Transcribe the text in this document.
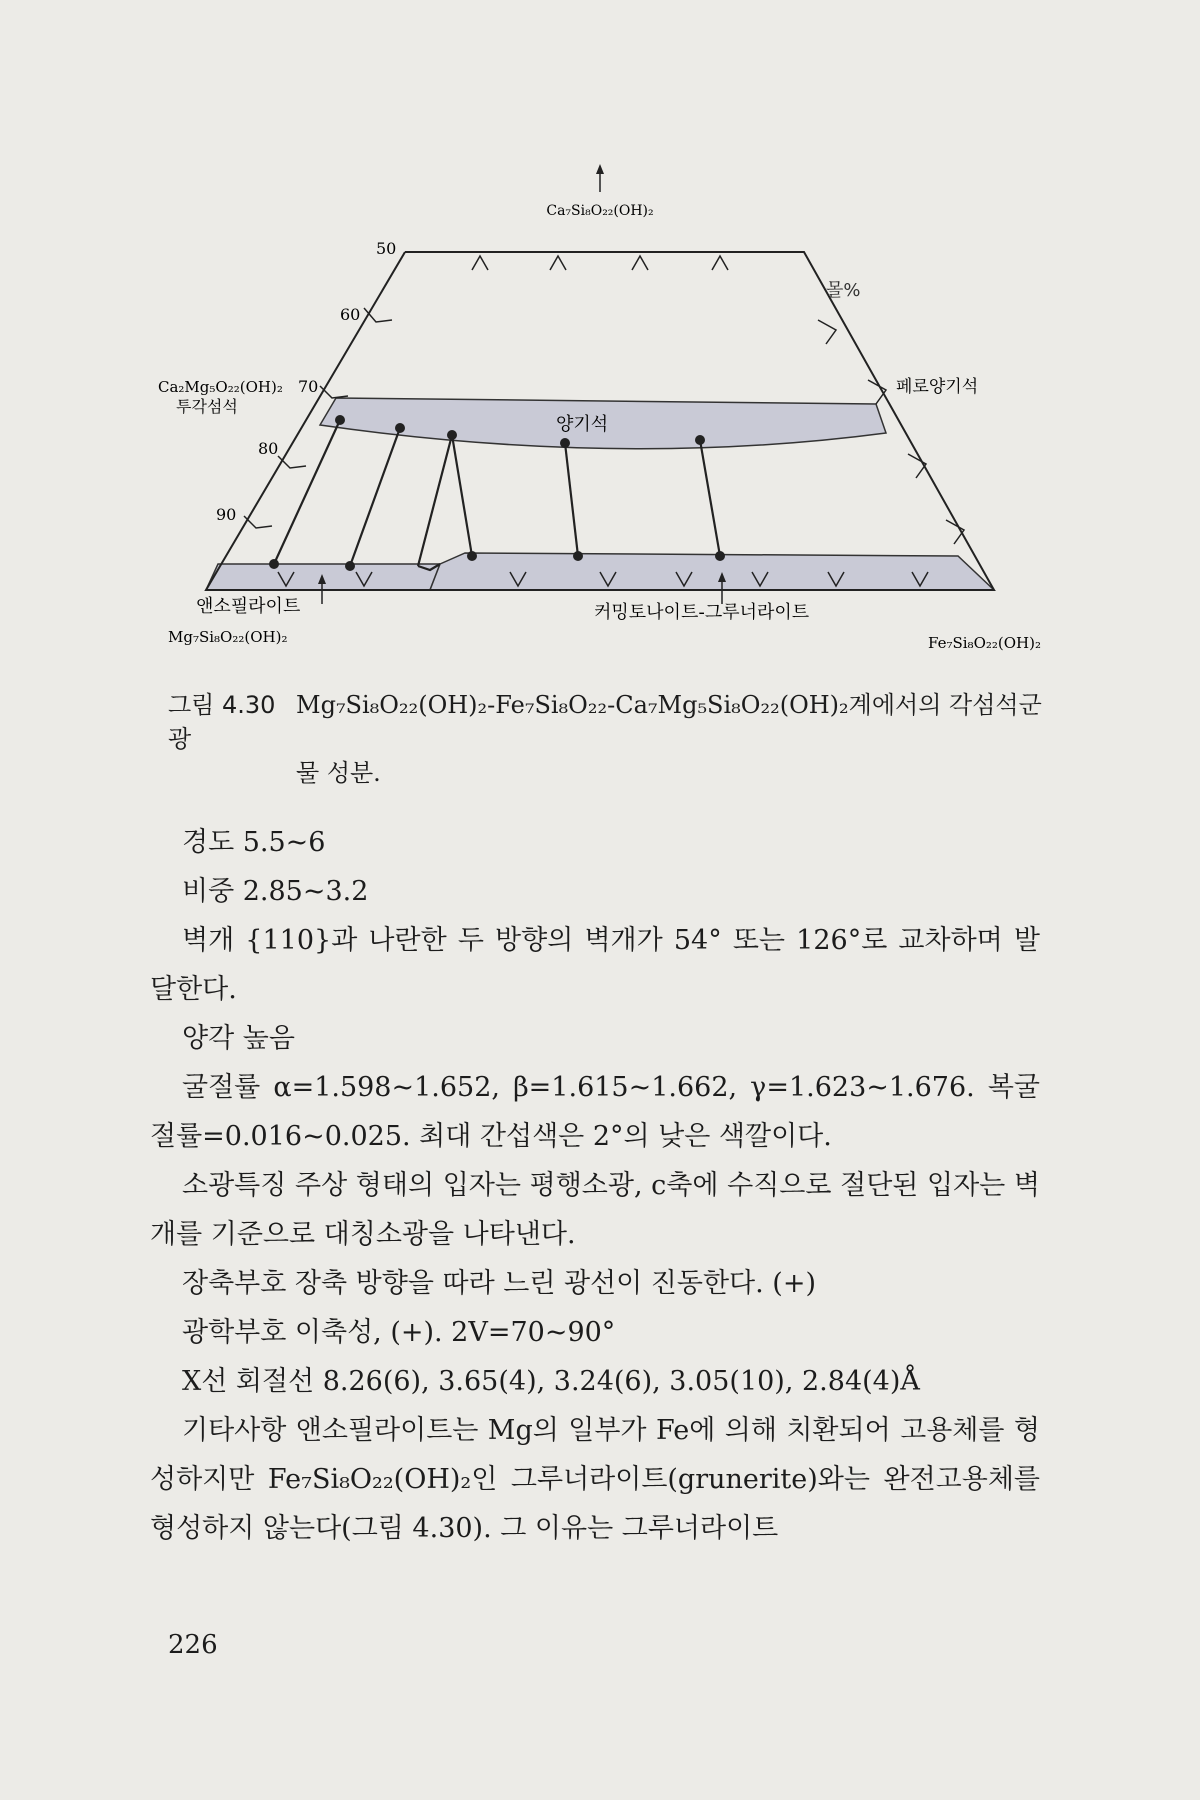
Ca₇Si₈O₂₂(OH)₂
50
60
70
80
90
몰%
Ca₂Mg₅O₂₂(OH)₂
투각섬석
페로양기석
양기석
앤소필라이트	커밍토나이트-그루너라이트
Mg₇Si₈O₂₂(OH)₂	Fe₇Si₈O₂₂(OH)₂
그림 4.30 Mg₇Si₈O₂₂(OH)₂-Fe₇Si₈O₂₂-Ca₇Mg₅Si₈O₂₂(OH)₂계에서의 각섬석군 광
물 성분.

경도 5.5~6

비중 2.85~3.2

벽개 {110}과 나란한 두 방향의 벽개가 54° 또는 126°로 교차하며 발달한다.

양각 높음

굴절률 α=1.598~1.652, β=1.615~1.662, γ=1.623~1.676. 복굴절률=0.016~0.025. 최대 간섭색은 2°의 낮은 색깔이다.

소광특징 주상 형태의 입자는 평행소광, c축에 수직으로 절단된 입자는 벽개를 기준으로 대칭소광을 나타낸다.

장축부호 장축 방향을 따라 느린 광선이 진동한다. (+)

광학부호 이축성, (+). 2V=70~90°

X선 회절선 8.26(6), 3.65(4), 3.24(6), 3.05(10), 2.84(4)Å

기타사항 앤소필라이트는 Mg의 일부가 Fe에 의해 치환되어 고용체를 형성하지만 Fe₇Si₈O₂₂(OH)₂인 그루너라이트(grunerite)와는 완전고용체를 형성하지 않는다(그림 4.30). 그 이유는 그루너라이트

226
